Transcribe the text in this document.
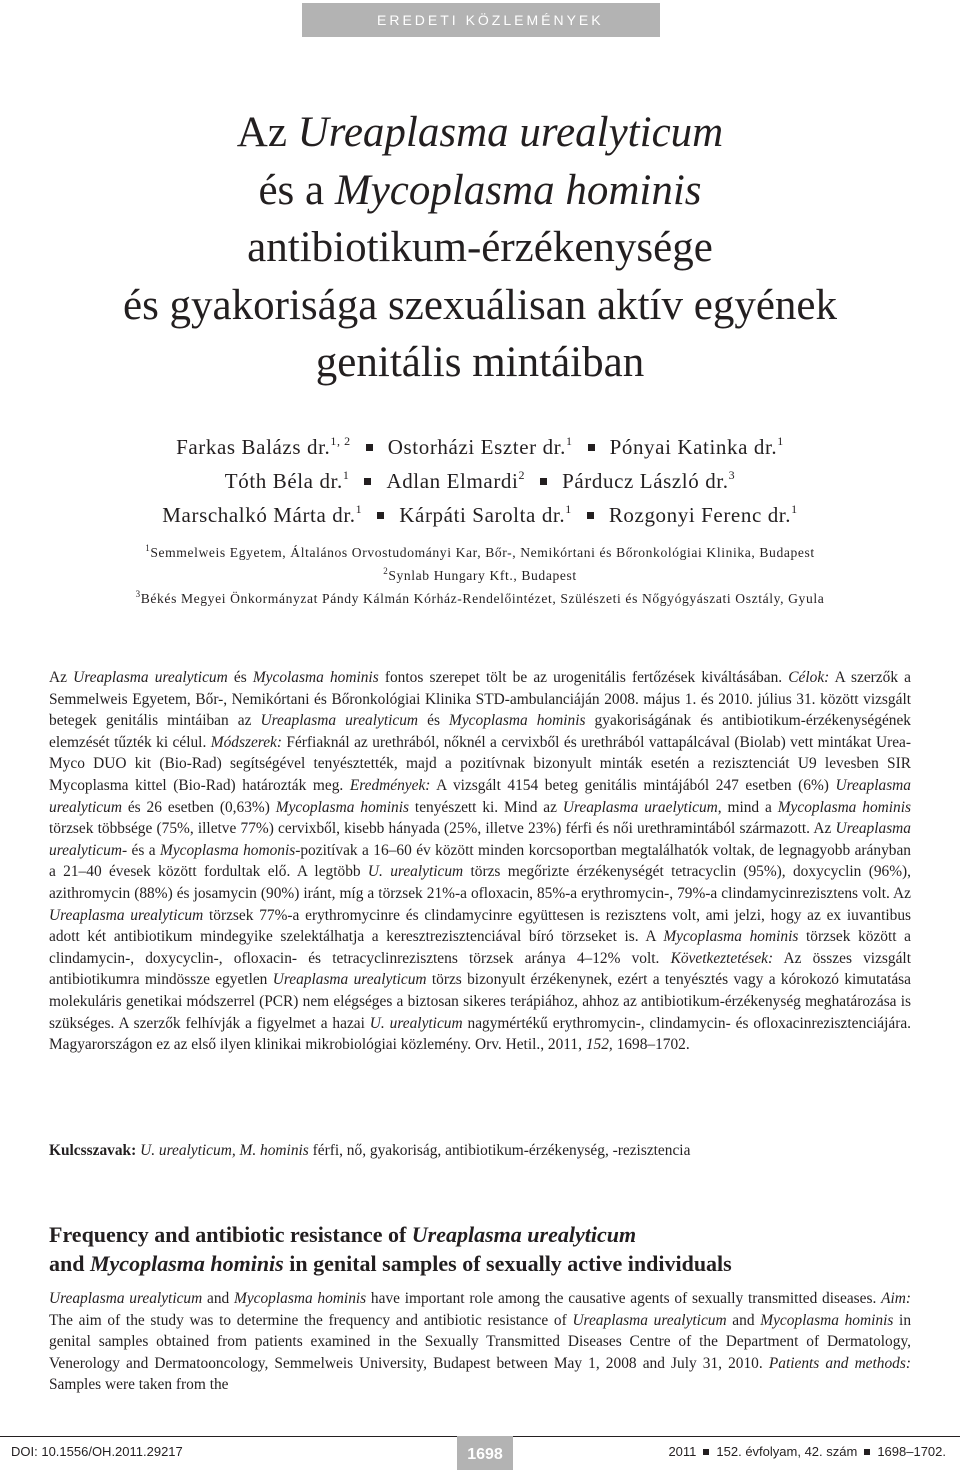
EREDETI KÖZLEMÉNYEK
Az Ureaplasma urealyticum
és a Mycoplasma hominis
antibiotikum-érzékenysége
és gyakorisága szexuálisan aktív egyének
genitális mintáiban
Farkas Balázs dr.$^{1, 2}$ Ostorházi Eszter dr.$^1$ Pónyai Katinka dr.$^1$
Tóth Béla dr.$^1$ Adlan Elmardi$^2$ Párducz László dr.$^3$
Marschalkó Márta dr.$^1$ Kárpáti Sarolta dr.$^1$ Rozgonyi Ferenc dr.$^1$
$^1$Semmelweis Egyetem, Általános Orvostudományi Kar, Bőr-, Nemikórtani és Bőronkológiai Klinika, Budapest
$^2$Synlab Hungary Kft., Budapest
$^3$Békés Megyei Önkormányzat Pándy Kálmán Kórház-Rendelőintézet, Szülészeti és Nőgyógyászati Osztály, Gyula

Az Ureaplasma urealyticum és Mycolasma hominis fontos szerepet tölt be az urogenitális fertőzések kiváltásában. Célok: A szerzők a Semmelweis Egyetem, Bőr-, Nemikórtani és Bőronkológiai Klinika STD-ambulanciáján 2008. május 1. és 2010. július 31. között vizsgált betegek genitális mintáiban az Ureaplasma urealyticum és Mycoplasma hominis gyakoriságának és antibiotikum-érzékenységének elemzését tűzték ki célul. Módszerek: Férfiaknál az urethrából, nőknél a cervixből és urethrából vattapálcával (Biolab) vett mintákat Urea-Myco DUO kit (Bio-Rad) segítségével tenyésztették, majd a pozitívnak bizonyult minták esetén a rezisztenciát U9 levesben SIR Mycoplasma kittel (Bio-Rad) határozták meg. Eredmények: A vizsgált 4154 beteg genitális mintájából 247 esetben (6%) Ureaplasma urealyticum és 26 esetben (0,63%) Mycoplasma hominis tenyészett ki. Mind az Ureaplasma uraelyticum, mind a Mycoplasma hominis törzsek többsége (75%, illetve 77%) cervixből, kisebb hányada (25%, illetve 23%) férfi és női urethramintából származott. Az Ureaplasma urealyticum- és a Mycoplasma homonis-pozitívak a 16–60 év között minden korcsoportban megtalálhatók voltak, de legnagyobb arányban a 21–40 évesek között fordultak elő. A legtöbb U. urealyticum törzs megőrizte érzékenységét tetracyclin (95%), doxycyclin (96%), azithromycin (88%) és josamycin (90%) iránt, míg a törzsek 21%-a ofloxacin, 85%-a erythromycin-, 79%-a clindamycinrezisztens volt. Az Ureaplasma urealyticum törzsek 77%-a erythromycinre és clindamycinre együttesen is rezisztens volt, ami jelzi, hogy az ex iuvantibus adott két antibiotikum mindegyike szelektálhatja a keresztrezisztenciával bíró törzseket is. A Mycoplasma hominis törzsek között a clindamycin-, doxycyclin-, ofloxacin- és tetracyclinrezisztens törzsek aránya 4–12% volt. Következtetések: Az összes vizsgált antibiotikumra mindössze egyetlen Ureaplasma urealyticum törzs bizonyult érzékenynek, ezért a tenyésztés vagy a kórokozó kimutatása molekuláris genetikai módszerrel (PCR) nem elégséges a biztosan sikeres terápiához, ahhoz az antibiotikum-érzékenység meghatározása is szükséges. A szerzők felhívják a figyelmet a hazai U. urealyticum nagymértékű erythromycin-, clindamycin- és ofloxacinrezisztenciájára. Magyarországon ez az első ilyen klinikai mikrobiológiai közlemény. Orv. Hetil., 2011, 152, 1698–1702.

Kulcsszavak: U. urealyticum, M. hominis férfi, nő, gyakoriság, antibiotikum-érzékenység, -rezisztencia
Frequency and antibiotic resistance of Ureaplasma urealyticum
and Mycoplasma hominis in genital samples of sexually active individuals

Ureaplasma urealyticum and Mycoplasma hominis have important role among the causative agents of sexually transmitted diseases. Aim: The aim of the study was to determine the frequency and antibiotic resistance of Ureaplasma urealyticum and Mycoplasma hominis in genital samples obtained from patients examined in the Sexually Transmitted Diseases Centre of the Department of Dermatology, Venerology and Dermatooncology, Semmelweis University, Budapest between May 1, 2008 and July 31, 2010. Patients and methods: Samples were taken from the

DOI: 10.1556/OH.2011.29217	1698	2011 152. évfolyam, 42. szám 1698–1702.
